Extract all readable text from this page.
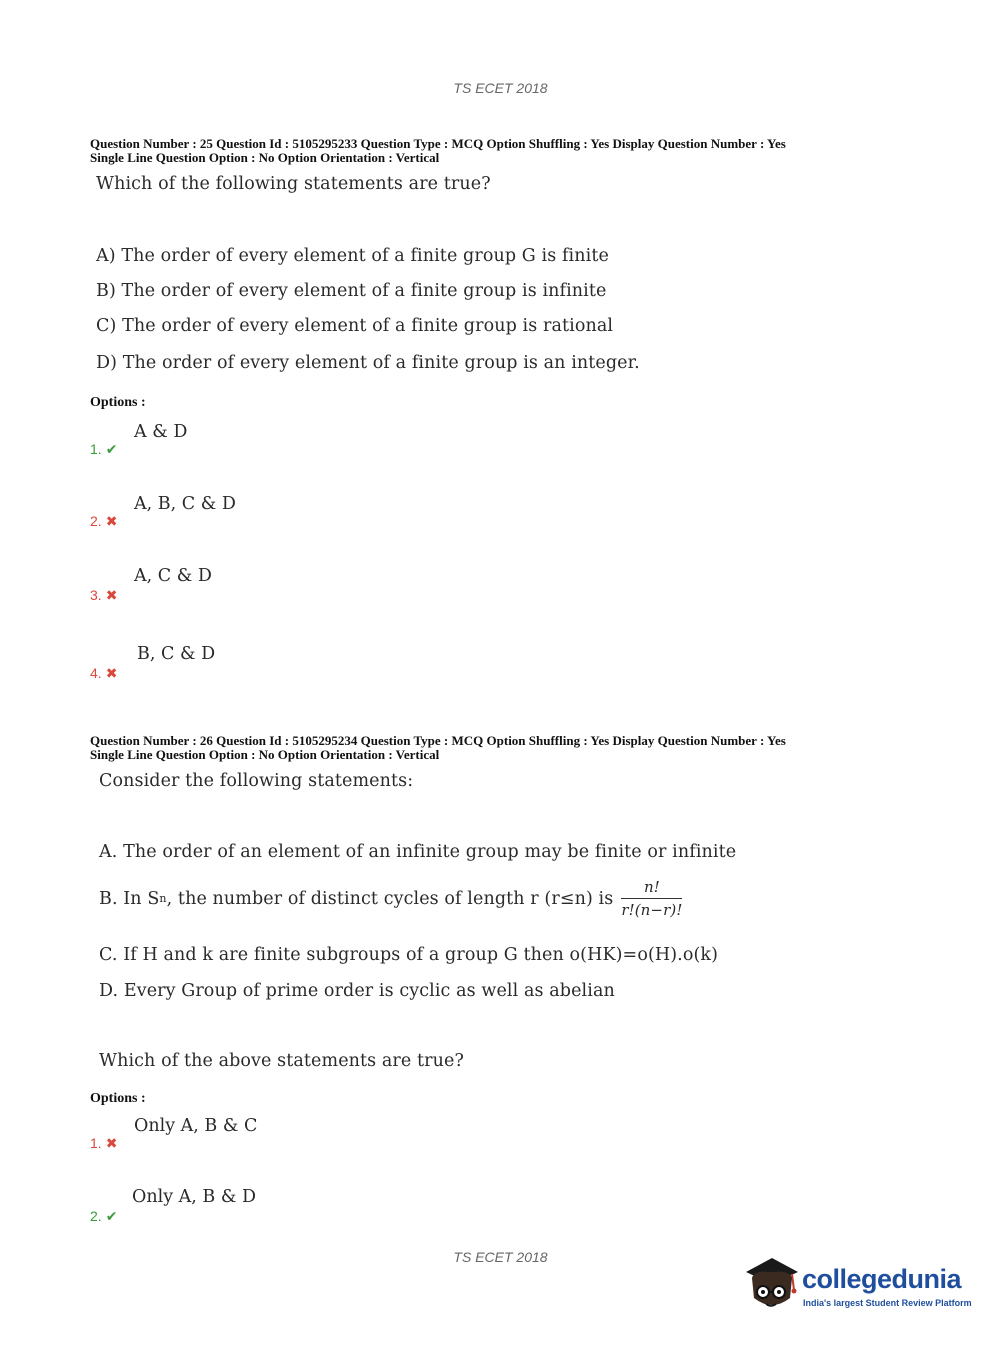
TS ECET 2018
Question Number : 25 Question Id : 5105295233 Question Type : MCQ Option Shuffling : Yes Display Question Number : Yes
Single Line Question Option : No Option Orientation : Vertical
Which of the following statements are true?
A) The order of every element of a finite group G is finite
B) The order of every element of a finite group is infinite
C) The order of every element of a finite group is rational
D) The order of every element of a finite group is an integer.
Options :
A & D
1. ✔
A, B, C & D
2. ✖
A, C & D
3. ✖
B, C & D
4. ✖
Question Number : 26 Question Id : 5105295234 Question Type : MCQ Option Shuffling : Yes Display Question Number : Yes
Single Line Question Option : No Option Orientation : Vertical
Consider the following statements:
A. The order of an element of an infinite group may be finite or infinite
B. In S n , the number of distinct cycles of length r (r≤n) is $\frac{n!}{r!(n-r)!}$
C. If H and k are finite subgroups of a group G then o(HK)=o(H).o(k)
D. Every Group of prime order is cyclic as well as abelian
Which of the above statements are true?
Options :
Only A, B & C
1. ✖
Only A, B & D
2. ✔
TS ECET 2018
collegedunia
India's largest Student Review Platform
